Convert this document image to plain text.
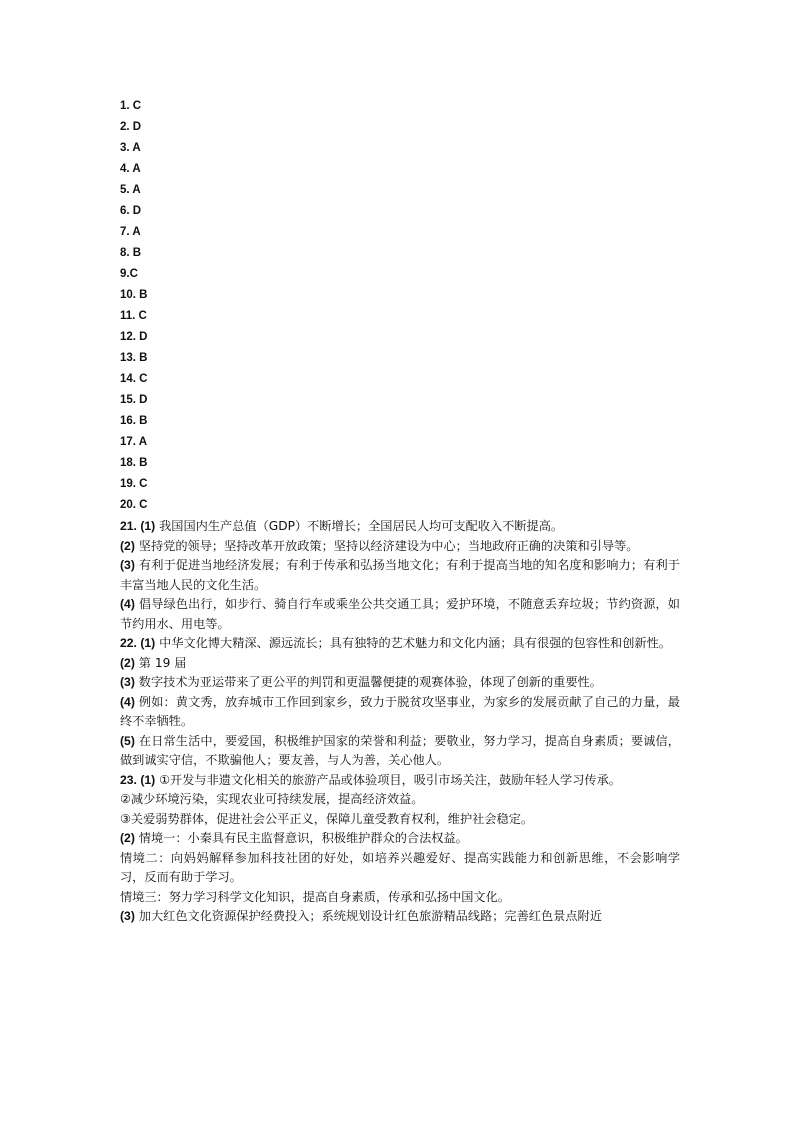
1. C
2. D
3. A
4. A
5. A
6. D
7. A
8. B
9.C
10. B
11. C
12. D
13. B
14. C
15. D
16. B
17. A
18. B
19. C
20. C

21. (1) 我国国内生产总值（GDP）不断增长；全国居民人均可支配收入不断提高。

(2) 坚持党的领导；坚持改革开放政策；坚持以经济建设为中心；当地政府正确的决策和引导等。

(3) 有利于促进当地经济发展；有利于传承和弘扬当地文化；有利于提高当地的知名度和影响力；有利于丰富当地人民的文化生活。

(4) 倡导绿色出行，如步行、骑自行车或乘坐公共交通工具；爱护环境，不随意丢弃垃圾；节约资源，如节约用水、用电等。

22. (1) 中华文化博大精深、源远流长；具有独特的艺术魅力和文化内涵；具有很强的包容性和创新性。

(2) 第 19 届

(3) 数字技术为亚运带来了更公平的判罚和更温馨便捷的观赛体验，体现了创新的重要性。

(4) 例如：黄文秀，放弃城市工作回到家乡，致力于脱贫攻坚事业，为家乡的发展贡献了自己的力量，最终不幸牺牲。

(5) 在日常生活中，要爱国，积极维护国家的荣誉和利益；要敬业，努力学习，提高自身素质；要诚信，做到诚实守信，不欺骗他人；要友善，与人为善，关心他人。

23. (1) ①开发与非遗文化相关的旅游产品或体验项目，吸引市场关注，鼓励年轻人学习传承。

②减少环境污染，实现农业可持续发展，提高经济效益。

③关爱弱势群体，促进社会公平正义，保障儿童受教育权利，维护社会稳定。

(2) 情境一：小秦具有民主监督意识，积极维护群众的合法权益。

情境二：向妈妈解释参加科技社团的好处，如培养兴趣爱好、提高实践能力和创新思维，不会影响学习，反而有助于学习。

情境三：努力学习科学文化知识，提高自身素质，传承和弘扬中国文化。

(3) 加大红色文化资源保护经费投入；系统规划设计红色旅游精品线路；完善红色景点附近
